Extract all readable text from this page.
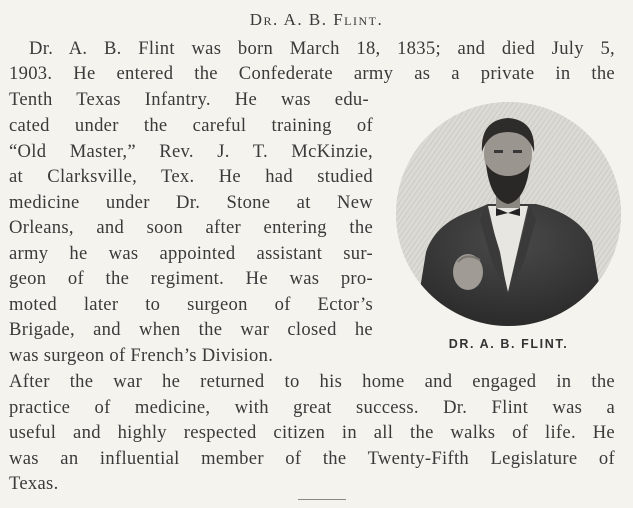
Dr. A. B. Flint.
Dr. A. B. Flint was born March 18, 1835; and died July 5,
1903. He entered the Confederate army as a private in the
Tenth Texas Infantry. He was edu-
cated under the careful training of
“Old Master,” Rev. J. T. McKinzie,
at Clarksville, Tex. He had studied
medicine under Dr. Stone at New
Orleans, and soon after entering the
army he was appointed assistant sur-
geon of the regiment. He was pro-
moted later to surgeon of Ector’s
Brigade, and when the war closed he
was surgeon of French’s Division.
After the war he returned to his home and engaged in the
practice of medicine, with great success. Dr. Flint was a
useful and highly respected citizen in all the walks of life. He
was an influential member of the Twenty-Fifth Legislature of
Texas.
DR. A. B. FLINT.
